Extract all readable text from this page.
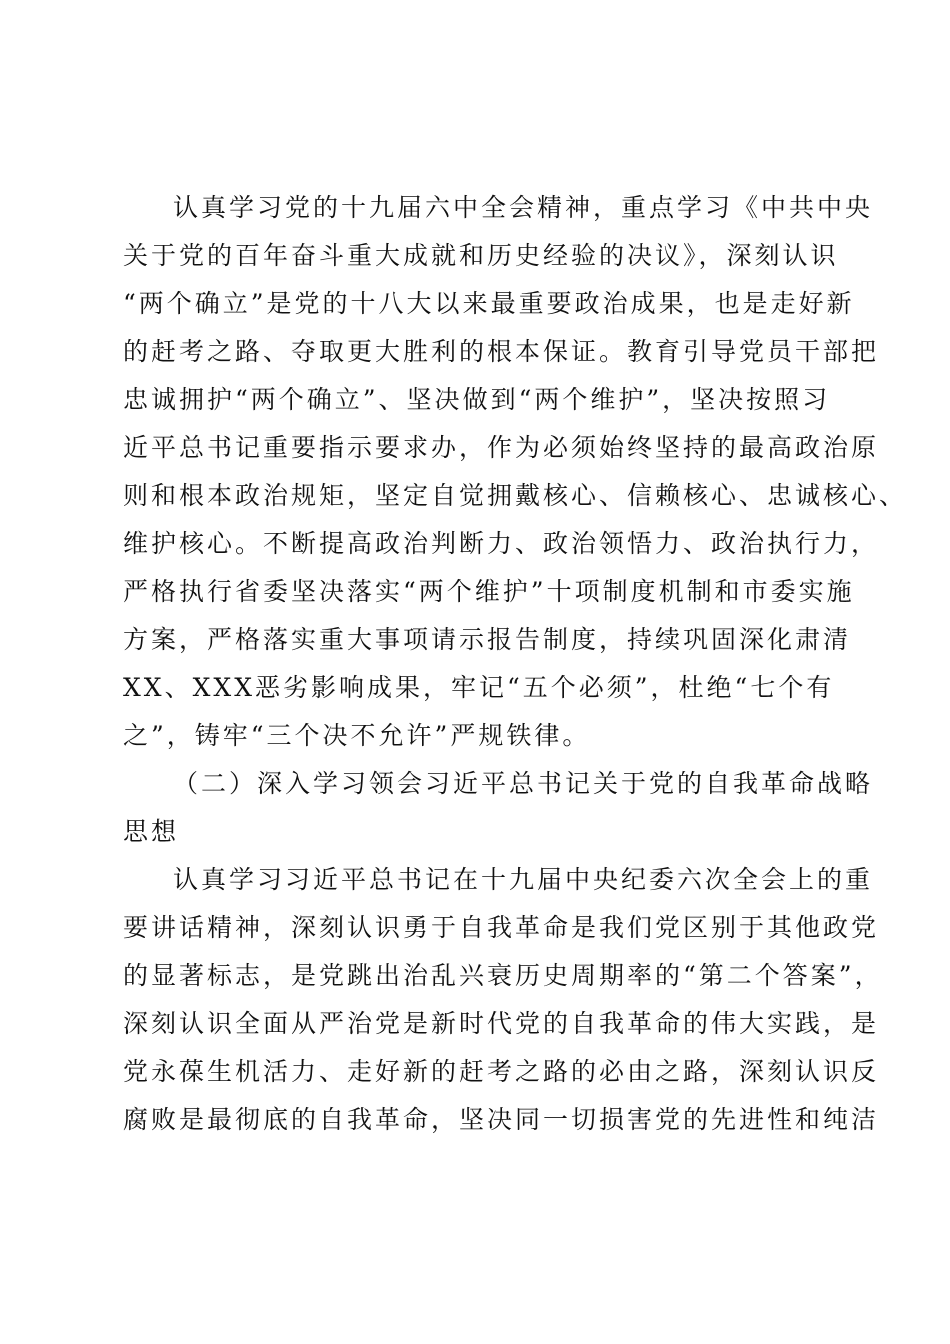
认真学习党的十九届六中全会精神，重点学习《中共中央
关于党的百年奋斗重大成就和历史经验的决议》，深刻认识
“两个确立”是党的十八大以来最重要政治成果，也是走好新
的赶考之路、夺取更大胜利的根本保证。教育引导党员干部把
忠诚拥护“两个确立”、坚决做到“两个维护”，坚决按照习
近平总书记重要指示要求办，作为必须始终坚持的最高政治原
则和根本政治规矩，坚定自觉拥戴核心、信赖核心、忠诚核心、
维护核心。不断提高政治判断力、政治领悟力、政治执行力，
严格执行省委坚决落实“两个维护”十项制度机制和市委实施
方案，严格落实重大事项请示报告制度，持续巩固深化肃清
XX、XXX恶劣影响成果，牢记“五个必须”，杜绝“七个有
之”，铸牢“三个决不允许”严规铁律。
（二）深入学习领会习近平总书记关于党的自我革命战略
思想
认真学习习近平总书记在十九届中央纪委六次全会上的重
要讲话精神，深刻认识勇于自我革命是我们党区别于其他政党
的显著标志，是党跳出治乱兴衰历史周期率的“第二个答案”，
深刻认识全面从严治党是新时代党的自我革命的伟大实践，是
党永葆生机活力、走好新的赶考之路的必由之路，深刻认识反
腐败是最彻底的自我革命，坚决同一切损害党的先进性和纯洁
